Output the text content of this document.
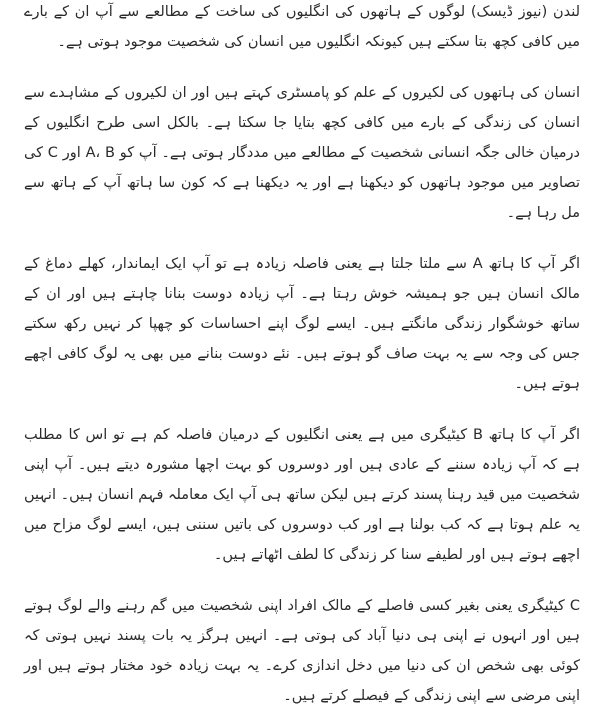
لندن (نیوز ڈیسک) لوگوں کے ہاتھوں کی انگلیوں کی ساخت کے مطالعے سے آپ ان کے بارے میں کافی کچھ بتا سکتے ہیں کیونکہ انگلیوں میں انسان کی شخصیت موجود ہوتی ہے۔

انسان کی ہاتھوں کی لکیروں کے علم کو پامسٹری کہتے ہیں اور ان لکیروں کے مشاہدے سے انسان کی زندگی کے بارے میں کافی کچھ بتایا جا سکتا ہے۔ بالکل اسی طرح انگلیوں کے درمیان خالی جگہ انسانی شخصیت کے مطالعے میں مددگار ہوتی ہے۔ آپ کو A، B اور C کی تصاویر میں موجود ہاتھوں کو دیکھنا ہے اور یہ دیکھنا ہے کہ کون سا ہاتھ آپ کے ہاتھ سے مل رہا ہے۔

اگر آپ کا ہاتھ A سے ملتا جلتا ہے یعنی فاصلہ زیادہ ہے تو آپ ایک ایماندار، کھلے دماغ کے مالک انسان ہیں جو ہمیشہ خوش رہتا ہے۔ آپ زیادہ دوست بنانا چاہتے ہیں اور ان کے ساتھ خوشگوار زندگی مانگتے ہیں۔ ایسے لوگ اپنے احساسات کو چھپا کر نہیں رکھ سکتے جس کی وجہ سے یہ بہت صاف گو ہوتے ہیں۔ نئے دوست بنانے میں بھی یہ لوگ کافی اچھے ہوتے ہیں۔

اگر آپ کا ہاتھ B کیٹیگری میں ہے یعنی انگلیوں کے درمیان فاصلہ کم ہے تو اس کا مطلب ہے کہ آپ زیادہ سننے کے عادی ہیں اور دوسروں کو بہت اچھا مشورہ دیتے ہیں۔ آپ اپنی شخصیت میں قید رہنا پسند کرتے ہیں لیکن ساتھ ہی آپ ایک معاملہ فہم انسان ہیں۔ انہیں یہ علم ہوتا ہے کہ کب بولنا ہے اور کب دوسروں کی باتیں سننی ہیں، ایسے لوگ مزاح میں اچھے ہوتے ہیں اور لطیفے سنا کر زندگی کا لطف اٹھاتے ہیں۔

C کیٹیگری یعنی بغیر کسی فاصلے کے مالک افراد اپنی شخصیت میں گم رہنے والے لوگ ہوتے ہیں اور انہوں نے اپنی ہی دنیا آباد کی ہوتی ہے۔ انہیں ہرگز یہ بات پسند نہیں ہوتی کہ کوئی بھی شخص ان کی دنیا میں دخل اندازی کرے۔ یہ بہت زیادہ خود مختار ہوتے ہیں اور اپنی مرضی سے اپنی زندگی کے فیصلے کرتے ہیں۔
